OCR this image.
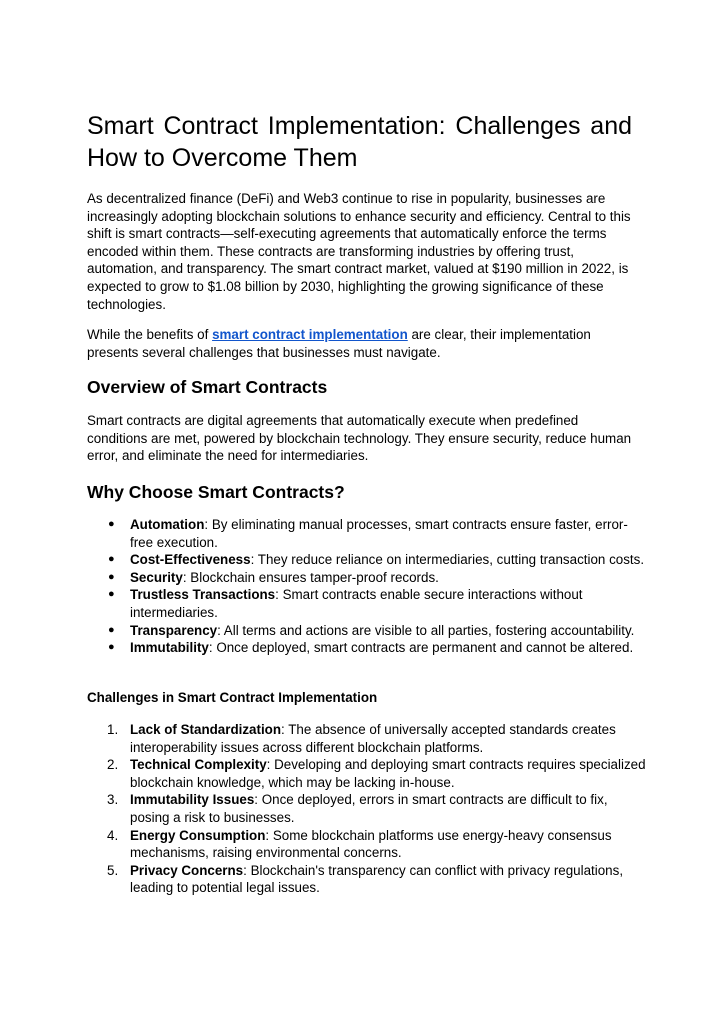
Smart Contract Implementation: Challenges and How to Overcome Them

As decentralized finance (DeFi) and Web3 continue to rise in popularity, businesses are increasingly adopting blockchain solutions to enhance security and efficiency. Central to this shift is smart contracts—self-executing agreements that automatically enforce the terms encoded within them. These contracts are transforming industries by offering trust, automation, and transparency. The smart contract market, valued at $190 million in 2022, is expected to grow to $1.08 billion by 2030, highlighting the growing significance of these technologies.

While the benefits of smart contract implementation are clear, their implementation presents several challenges that businesses must navigate.

Overview of Smart Contracts

Smart contracts are digital agreements that automatically execute when predefined conditions are met, powered by blockchain technology. They ensure security, reduce human error, and eliminate the need for intermediaries.

Why Choose Smart Contracts?
● Automation: By eliminating manual processes, smart contracts ensure faster, error-free execution.
● Cost-Effectiveness: They reduce reliance on intermediaries, cutting transaction costs.
● Security: Blockchain ensures tamper-proof records.
● Trustless Transactions: Smart contracts enable secure interactions without intermediaries.
● Transparency: All terms and actions are visible to all parties, fostering accountability.
● Immutability: Once deployed, smart contracts are permanent and cannot be altered.
Challenges in Smart Contract Implementation
1. Lack of Standardization: The absence of universally accepted standards creates interoperability issues across different blockchain platforms.
2. Technical Complexity: Developing and deploying smart contracts requires specialized blockchain knowledge, which may be lacking in-house.
3. Immutability Issues: Once deployed, errors in smart contracts are difficult to fix, posing a risk to businesses.
4. Energy Consumption: Some blockchain platforms use energy-heavy consensus mechanisms, raising environmental concerns.
5. Privacy Concerns: Blockchain's transparency can conflict with privacy regulations, leading to potential legal issues.
